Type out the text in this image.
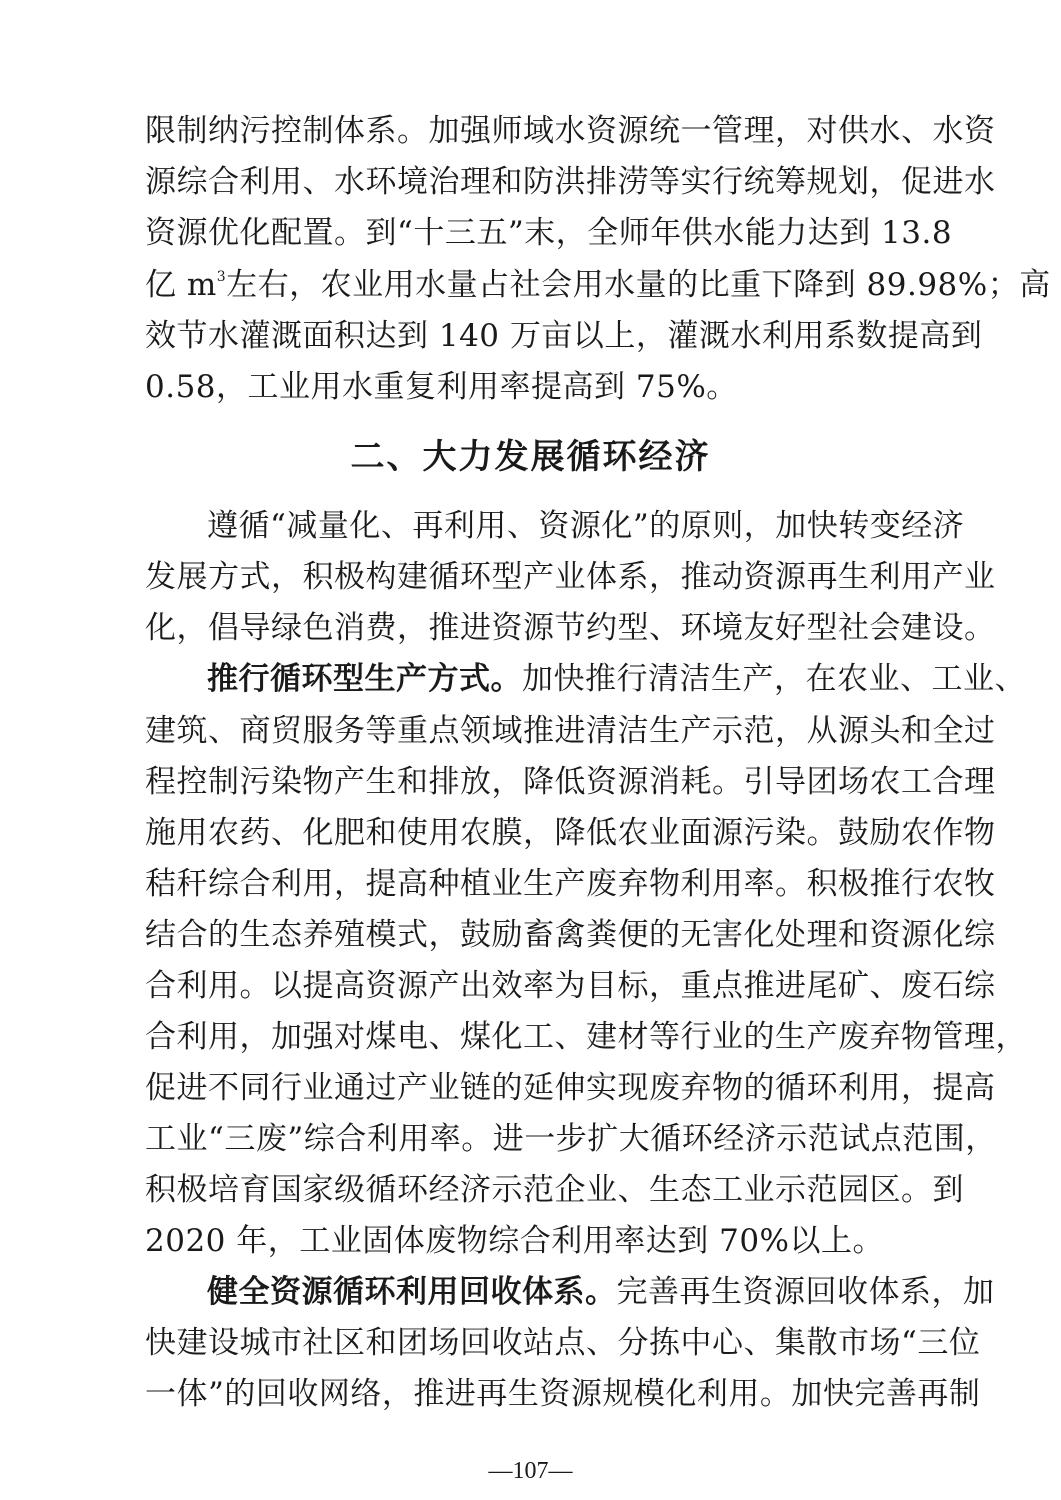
限制纳污控制体系。加强师域水资源统一管理，对供水、水资
源综合利用、水环境治理和防洪排涝等实行统筹规划，促进水
资源优化配置。到“十三五”末，全师年供水能力达到 13.8
亿 $m^3$左右，农业用水量占社会用水量的比重下降到 89.98%；高
效节水灌溉面积达到 140 万亩以上，灌溉水利用系数提高到
0.58，工业用水重复利用率提高到 75%。
二、大力发展循环经济
遵循“减量化、再利用、资源化”的原则，加快转变经济
发展方式，积极构建循环型产业体系，推动资源再生利用产业
化，倡导绿色消费，推进资源节约型、环境友好型社会建设。
推行循环型生产方式。加快推行清洁生产，在农业、工业、
建筑、商贸服务等重点领域推进清洁生产示范，从源头和全过
程控制污染物产生和排放，降低资源消耗。引导团场农工合理
施用农药、化肥和使用农膜，降低农业面源污染。鼓励农作物
秸秆综合利用，提高种植业生产废弃物利用率。积极推行农牧
结合的生态养殖模式，鼓励畜禽粪便的无害化处理和资源化综
合利用。以提高资源产出效率为目标，重点推进尾矿、废石综
合利用，加强对煤电、煤化工、建材等行业的生产废弃物管理，
促进不同行业通过产业链的延伸实现废弃物的循环利用，提高
工业“三废”综合利用率。进一步扩大循环经济示范试点范围，
积极培育国家级循环经济示范企业、生态工业示范园区。到
2020 年，工业固体废物综合利用率达到 70%以上。
健全资源循环利用回收体系。完善再生资源回收体系，加
快建设城市社区和团场回收站点、分拣中心、集散市场“三位
一体”的回收网络，推进再生资源规模化利用。加快完善再制
—107—
